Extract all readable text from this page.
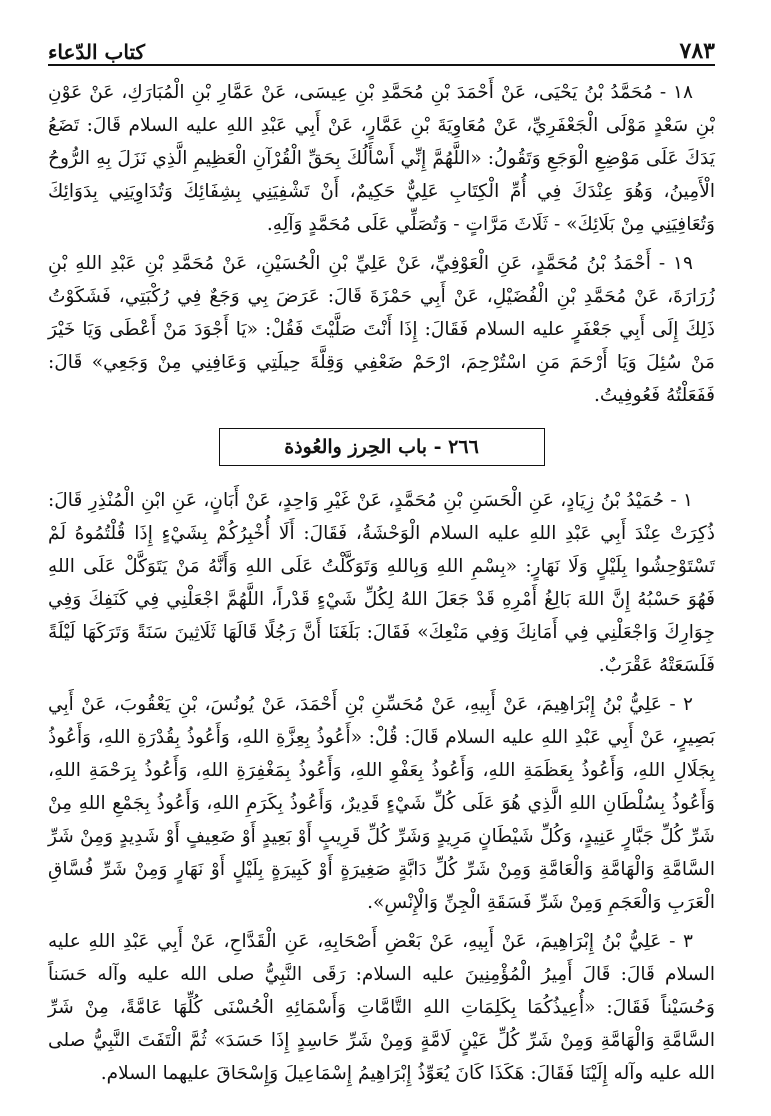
٧٨٣
كتاب الدّعاء

١٨ - مُحَمَّدُ بْنُ يَحْيَى، عَنْ أَحْمَدَ بْنِ مُحَمَّدِ بْنِ عِيسَى، عَنْ عَمَّارِ بْنِ الْمُبَارَكِ، عَنْ عَوْنِ بْنِ سَعْدٍ مَوْلَى الْجَعْفَرِيِّ، عَنْ مُعَاوِيَةَ بْنِ عَمَّارٍ، عَنْ أَبِي عَبْدِ اللهِ عليه السلام قَالَ: تَضَعُ يَدَكَ عَلَى مَوْضِعِ الْوَجَعِ وَتَقُولُ: «اللَّهُمَّ إِنِّي أَسْأَلُكَ بِحَقِّ الْقُرْآنِ الْعَظِيمِ الَّذِي نَزَلَ بِهِ الرُّوحُ الْأَمِينُ، وَهُوَ عِنْدَكَ فِي أُمِّ الْكِتَابِ عَلِيٌّ حَكِيمٌ، أَنْ تَشْفِيَنِي بِشِفَائِكَ وَتُدَاوِيَنِي بِدَوَائِكَ وَتُعَافِيَنِي مِنْ بَلَائِكَ» - ثَلَاثَ مَرَّاتٍ - وَتُصَلِّي عَلَى مُحَمَّدٍ وَآلِهِ.

١٩ - أَحْمَدُ بْنُ مُحَمَّدٍ، عَنِ الْعَوْفِيِّ، عَنْ عَلِيِّ بْنِ الْحُسَيْنِ، عَنْ مُحَمَّدِ بْنِ عَبْدِ اللهِ بْنِ زُرَارَةَ، عَنْ مُحَمَّدِ بْنِ الْفُضَيْلِ، عَنْ أَبِي حَمْزَةَ قَالَ: عَرَضَ بِي وَجَعٌ فِي رُكْبَتِي، فَشَكَوْتُ ذَلِكَ إِلَى أَبِي جَعْفَرٍ عليه السلام فَقَالَ: إِذَا أَنْتَ صَلَّيْتَ فَقُلْ: «يَا أَجْوَدَ مَنْ أَعْطَى وَيَا خَيْرَ مَنْ سُئِلَ وَيَا أَرْحَمَ مَنِ اسْتُرْحِمَ، ارْحَمْ ضَعْفِي وَقِلَّةَ حِيلَتِي وَعَافِنِي مِنْ وَجَعِي» قَالَ: فَفَعَلْتُهُ فَعُوفِيتُ.

٢٦٦ - باب الحِرز والعُوذة

١ - حُمَيْدُ بْنُ زِيَادٍ، عَنِ الْحَسَنِ بْنِ مُحَمَّدٍ، عَنْ غَيْرِ وَاحِدٍ، عَنْ أَبَانٍ، عَنِ ابْنِ الْمُنْذِرِ قَالَ: ذُكِرَتْ عِنْدَ أَبِي عَبْدِ اللهِ عليه السلام الْوَحْشَةُ، فَقَالَ: أَلَا أُخْبِرُكُمْ بِشَيْءٍ إِذَا قُلْتُمُوهُ لَمْ تَسْتَوْحِشُوا بِلَيْلٍ وَلَا نَهَارٍ: «بِسْمِ اللهِ وَبِاللهِ وَتَوَكَّلْتُ عَلَى اللهِ وَأَنَّهُ مَنْ يَتَوَكَّلْ عَلَى اللهِ فَهُوَ حَسْبُهُ إِنَّ اللهَ بَالِغُ أَمْرِهِ قَدْ جَعَلَ اللهُ لِكُلِّ شَيْءٍ قَدْراً، اللَّهُمَّ اجْعَلْنِي فِي كَنَفِكَ وَفِي جِوَارِكَ وَاجْعَلْنِي فِي أَمَانِكَ وَفِي مَنْعِكَ» فَقَالَ: بَلَغَنَا أَنَّ رَجُلًا قَالَهَا ثَلَاثِينَ سَنَةً وَتَرَكَهَا لَيْلَةً فَلَسَعَتْهُ عَقْرَبٌ.

٢ - عَلِيُّ بْنُ إِبْرَاهِيمَ، عَنْ أَبِيهِ، عَنْ مُحَسِّنِ بْنِ أَحْمَدَ، عَنْ يُونُسَ، بْنِ يَعْقُوبَ، عَنْ أَبِي بَصِيرٍ، عَنْ أَبِي عَبْدِ اللهِ عليه السلام قَالَ: قُلْ: «أَعُوذُ بِعِزَّةِ اللهِ، وَأَعُوذُ بِقُدْرَةِ اللهِ، وَأَعُوذُ بِجَلَالِ اللهِ، وَأَعُوذُ بِعَظَمَةِ اللهِ، وَأَعُوذُ بِعَفْوِ اللهِ، وَأَعُوذُ بِمَغْفِرَةِ اللهِ، وَأَعُوذُ بِرَحْمَةِ اللهِ، وَأَعُوذُ بِسُلْطَانِ اللهِ الَّذِي هُوَ عَلَى كُلِّ شَيْءٍ قَدِيرٌ، وَأَعُوذُ بِكَرَمِ اللهِ، وَأَعُوذُ بِجَمْعِ اللهِ مِنْ شَرِّ كُلِّ جَبَّارٍ عَنِيدٍ، وَكُلِّ شَيْطَانٍ مَرِيدٍ وَشَرِّ كُلِّ قَرِيبٍ أَوْ بَعِيدٍ أَوْ ضَعِيفٍ أَوْ شَدِيدٍ وَمِنْ شَرِّ السَّامَّةِ وَالْهَامَّةِ وَالْعَامَّةِ وَمِنْ شَرِّ كُلِّ دَابَّةٍ صَغِيرَةٍ أَوْ كَبِيرَةٍ بِلَيْلٍ أَوْ نَهَارٍ وَمِنْ شَرِّ فُسَّاقِ الْعَرَبِ وَالْعَجَمِ وَمِنْ شَرِّ فَسَقَةِ الْجِنِّ وَالْإِنْسِ».

٣ - عَلِيُّ بْنُ إِبْرَاهِيمَ، عَنْ أَبِيهِ، عَنْ بَعْضِ أَصْحَابِهِ، عَنِ الْقَدَّاحِ، عَنْ أَبِي عَبْدِ اللهِ عليه السلام قَالَ: قَالَ أَمِيرُ الْمُؤْمِنِينَ عليه السلام: رَقَى النَّبِيُّ صلى الله عليه وآله حَسَناً وَحُسَيْناً فَقَالَ: «أُعِيذُكُمَا بِكَلِمَاتِ اللهِ التَّامَّاتِ وَأَسْمَائِهِ الْحُسْنَى كُلِّهَا عَامَّةً، مِنْ شَرِّ السَّامَّةِ وَالْهَامَّةِ وَمِنْ شَرِّ كُلِّ عَيْنٍ لَامَّةٍ وَمِنْ شَرِّ حَاسِدٍ إِذَا حَسَدَ» ثُمَّ الْتَفَتَ النَّبِيُّ صلى الله عليه وآله إِلَيْنَا فَقَالَ: هَكَذَا كَانَ يُعَوِّذُ إِبْرَاهِيمُ إِسْمَاعِيلَ وَإِسْحَاقَ عليهما السلام.
